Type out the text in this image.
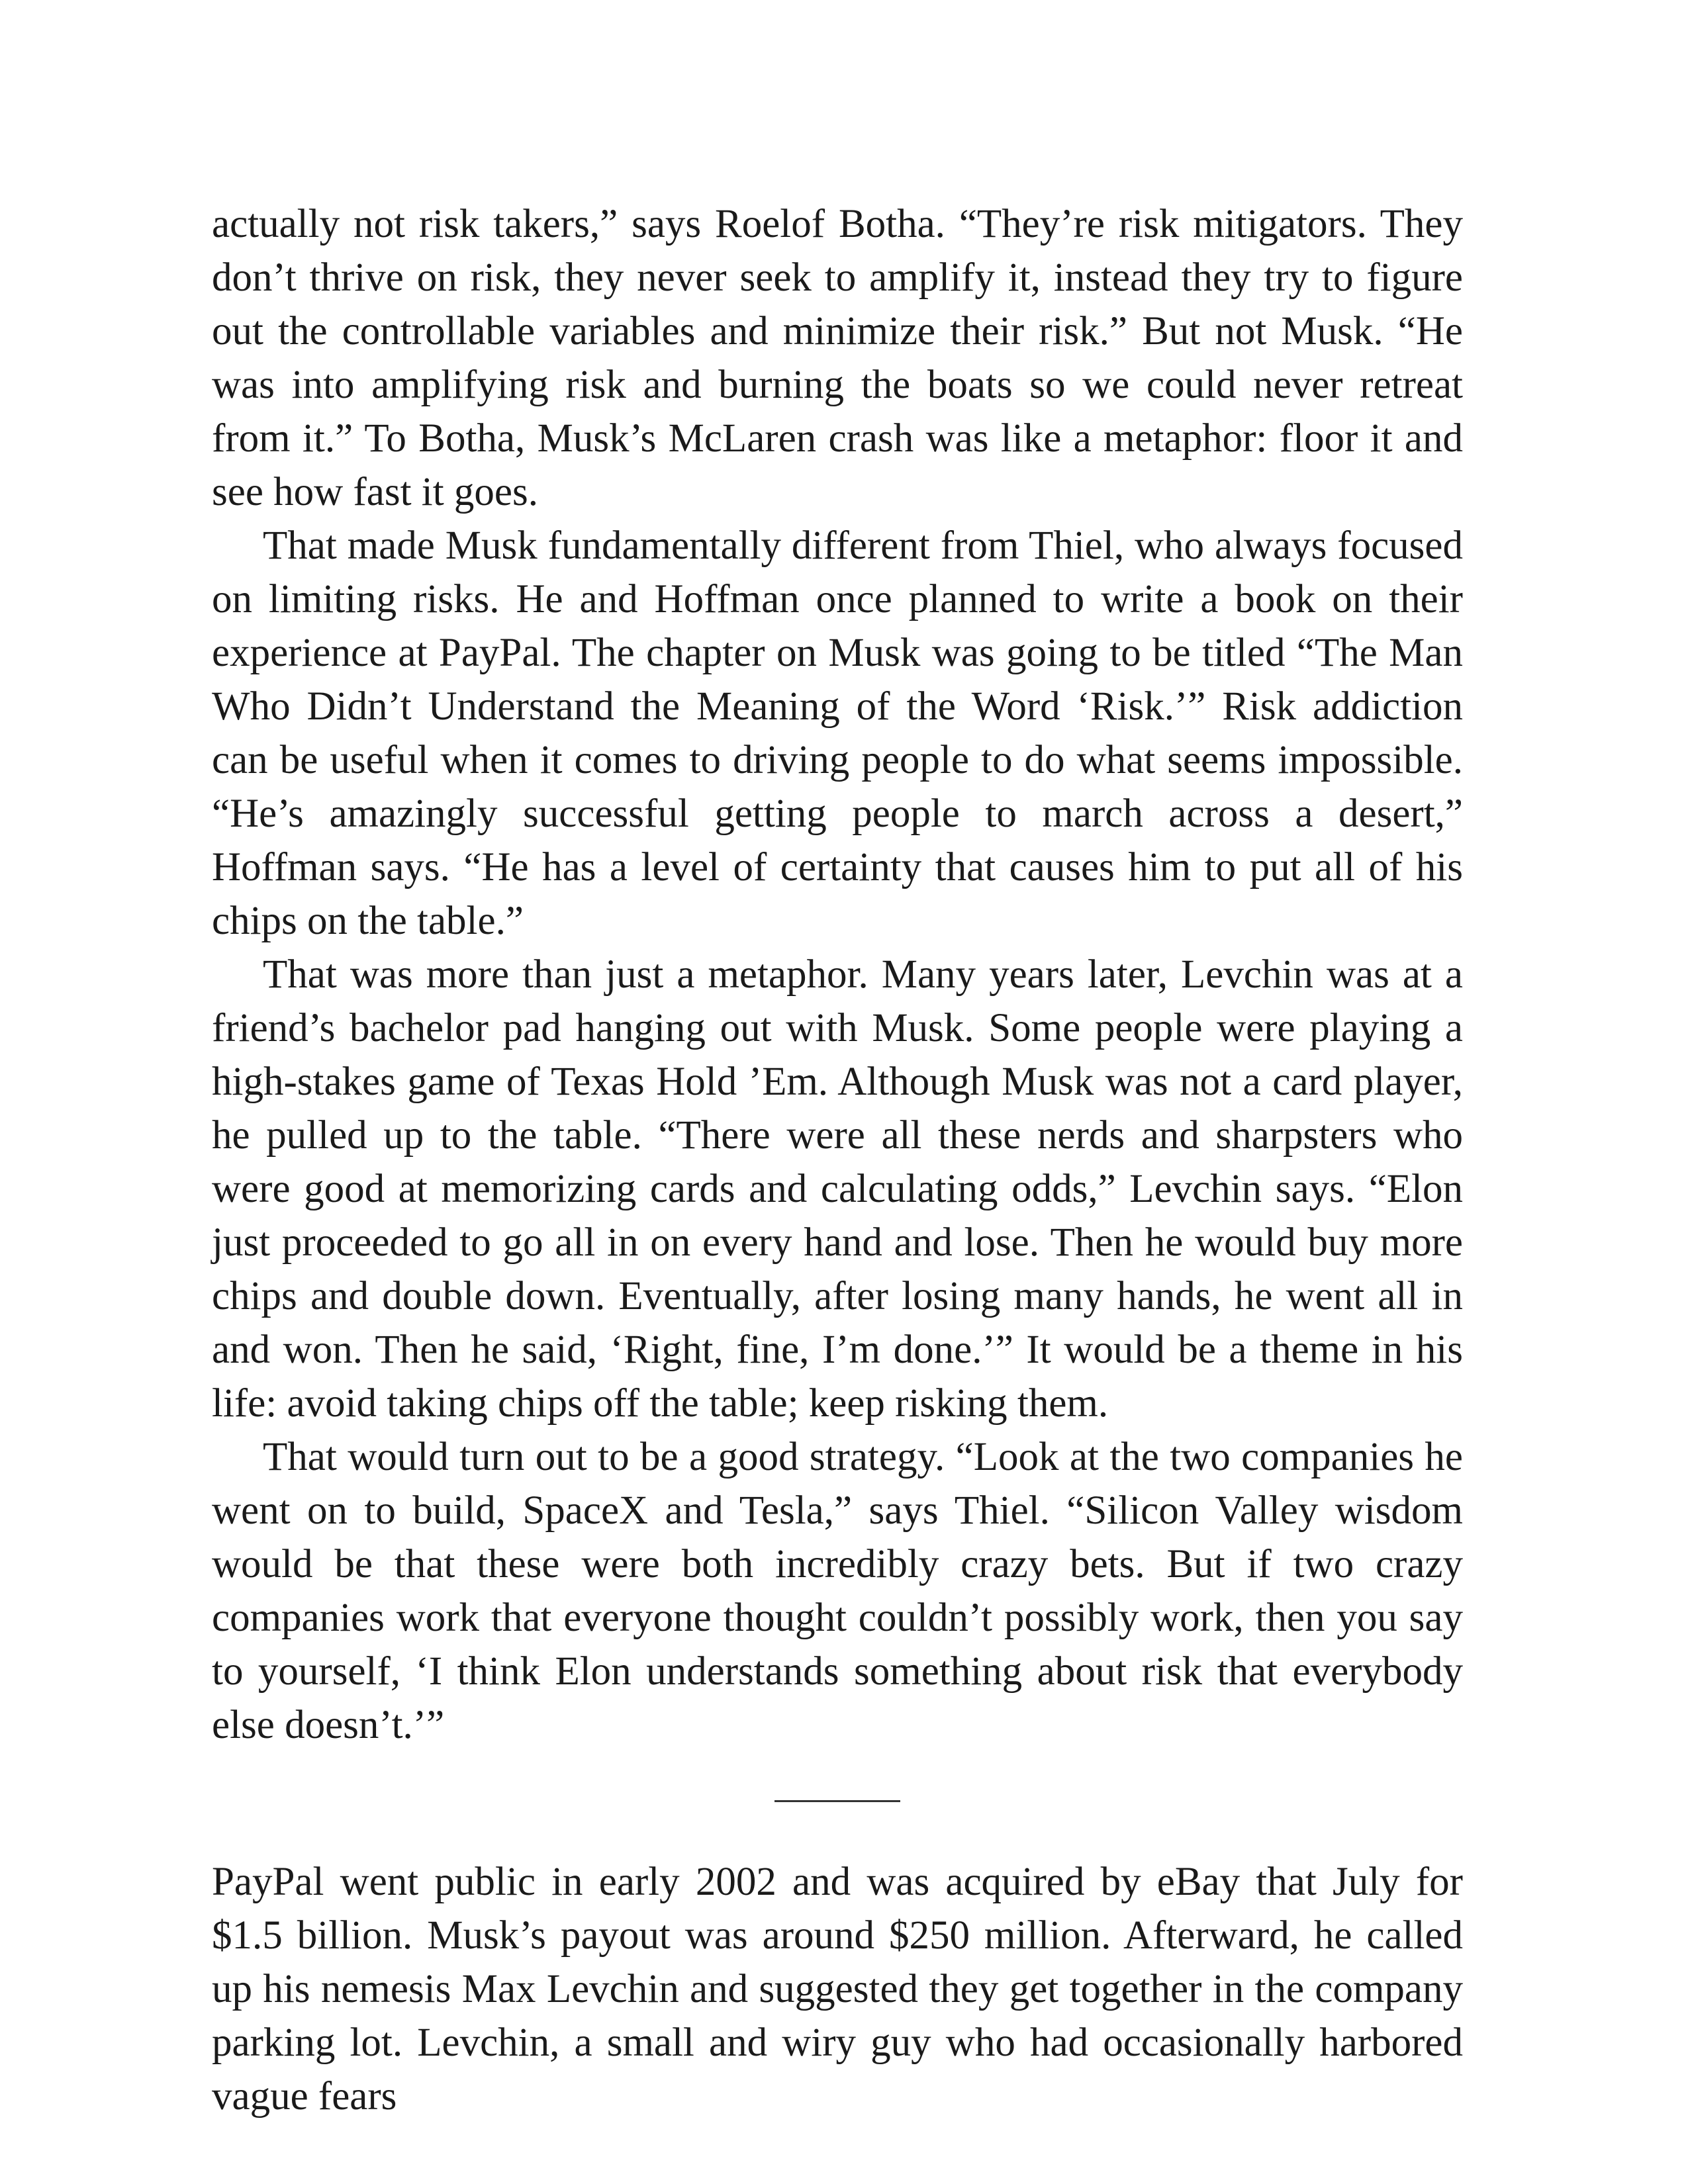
actually not risk takers,” says Roelof Botha. “They’re risk mitigators. They don’t thrive on risk, they never seek to amplify it, instead they try to figure out the controllable variables and minimize their risk.” But not Musk. “He was into amplifying risk and burning the boats so we could never retreat from it.” To Botha, Musk’s McLaren crash was like a metaphor: floor it and see how fast it goes.

That made Musk fundamentally different from Thiel, who always focused on limiting risks. He and Hoffman once planned to write a book on their experience at PayPal. The chapter on Musk was going to be titled “The Man Who Didn’t Understand the Meaning of the Word ‘Risk.’” Risk addiction can be useful when it comes to driving people to do what seems impossible. “He’s amazingly successful getting people to march across a desert,” Hoffman says. “He has a level of certainty that causes him to put all of his chips on the table.”

That was more than just a metaphor. Many years later, Levchin was at a friend’s bachelor pad hanging out with Musk. Some people were playing a high-stakes game of Texas Hold ’Em. Although Musk was not a card player, he pulled up to the table. “There were all these nerds and sharpsters who were good at memorizing cards and calculating odds,” Levchin says. “Elon just proceeded to go all in on every hand and lose. Then he would buy more chips and double down. Eventually, after losing many hands, he went all in and won. Then he said, ‘Right, fine, I’m done.’” It would be a theme in his life: avoid taking chips off the table; keep risking them.

That would turn out to be a good strategy. “Look at the two companies he went on to build, SpaceX and Tesla,” says Thiel. “Silicon Valley wisdom would be that these were both incredibly crazy bets. But if two crazy companies work that everyone thought couldn’t possibly work, then you say to yourself, ‘I think Elon understands something about risk that everybody else doesn’t.’”

PayPal went public in early 2002 and was acquired by eBay that July for $1.5 billion. Musk’s payout was around $250 million. Afterward, he called up his nemesis Max Levchin and suggested they get together in the company parking lot. Levchin, a small and wiry guy who had occasionally harbored vague fears
